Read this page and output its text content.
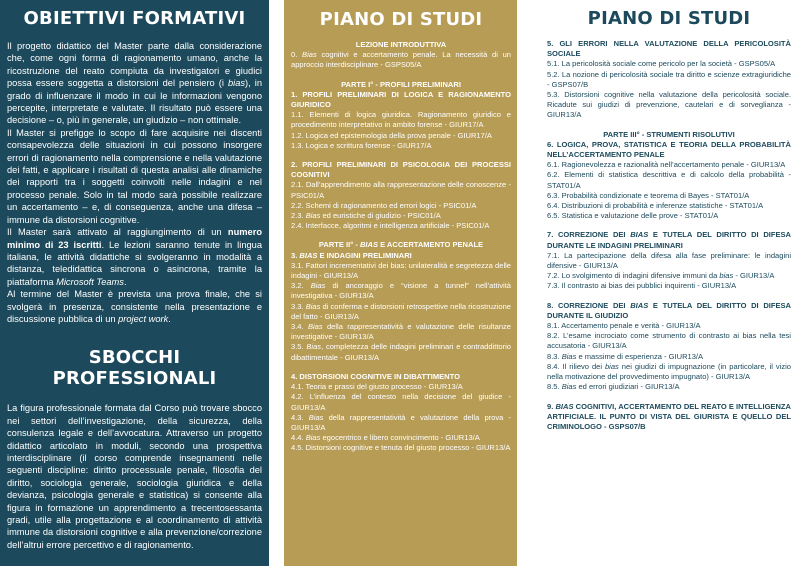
OBIETTIVI FORMATIVI

Il progetto didattico del Master parte dalla considerazione che, come ogni forma di ragionamento umano, anche la ricostruzione del reato compiuta da investigatori e giudici possa essere soggetta a distorsioni del pensiero (i bias), in grado di influenzare il modo in cui le informazioni vengono percepite, interpretate e valutate. Il risultato può essere una decisione – o, più in generale, un giudizio – non ottimale.

Il Master si prefigge lo scopo di fare acquisire nei discenti consapevolezza delle situazioni in cui possono insorgere errori di ragionamento nella comprensione e nella valutazione dei fatti, e applicare i risultati di questa analisi alle dinamiche dei rapporti tra i soggetti coinvolti nelle indagini e nel processo penale. Solo in tal modo sarà possibile realizzare un accertamento – e, di conseguenza, anche una difesa – immune da distorsioni cognitive.

Il Master sarà attivato al raggiungimento di un numero minimo di 23 iscritti. Le lezioni saranno tenute in lingua italiana, le attività didattiche si svolgeranno in modalità a distanza, teledidattica sincrona o asincrona, tramite la piattaforma Microsoft Teams.

Al termine del Master è prevista una prova finale, che si svolgerà in presenza, consistente nella presentazione e discussione pubblica di un project work.

SBOCCHI PROFESSIONALI

La figura professionale formata dal Corso può trovare sbocco nei settori dell’investigazione, della sicurezza, della consulenza legale e dell’avvocatura. Attraverso un progetto didattico articolato in moduli, secondo una prospettiva interdisciplinare (il corso comprende insegnamenti nelle seguenti discipline: diritto processuale penale, filosofia del diritto, sociologia generale, sociologia giuridica e della devianza, psicologia generale e statistica) si consente alla figura in formazione un apprendimento a trecentosessanta gradi, utile alla progettazione e al coordinamento di attività immune da distorsioni cognitive e alla prevenzione/correzione dell’altrui errore percettivo e di ragionamento.

PIANO DI STUDI

LEZIONE INTRODUTTIVA

0. Bias cognitivi e accertamento penale. La necessità di un approccio interdisciplinare - GSPS05/A

PARTE I° - PROFILI PRELIMINARI

1. PROFILI PRELIMINARI DI LOGICA E RAGIONAMENTO GIURIDICO

1.1. Elementi di logica giuridica. Ragionamento giuridico e procedimento interpretativo in ambito forense - GIUR17/A

1.2. Logica ed epistemologia della prova penale - GIUR17/A

1.3. Logica e scrittura forense - GIUR17/A

2. PROFILI PRELIMINARI DI PSICOLOGIA DEI PROCESSI COGNITIVI

2.1. Dall’apprendimento alla rappresentazione delle conoscenze - PSIC01/A

2.2. Schemi di ragionamento ed errori logici - PSIC01/A

2.3. Bias ed euristiche di giudizio - PSIC01/A

2.4. Interfacce, algoritmi e intelligenza artificiale - PSIC01/A

PARTE II° - BIAS E ACCERTAMENTO PENALE

3. BIAS E INDAGINI PRELIMINARI

3.1. Fattori incrementativi dei bias: unilateralità e segretezza delle indagini - GIUR13/A

3.2. Bias di ancoraggio e “visione a tunnel” nell’attività investigativa - GIUR13/A

3.3. Bias di conferma e distorsioni retrospettive nella ricostruzione del fatto - GIUR13/A

3.4. Bias della rappresentatività e valutazione delle risultanze investigative - GIUR13/A

3.5. Bias, completezza delle indagini preliminari e contraddittorio dibattimentale - GIUR13/A

4. DISTORSIONI COGNITIVE IN DIBATTIMENTO

4.1. Teoria e prassi del giusto processo - GIUR13/A

4.2. L’influenza del contesto nella decisione del giudice - GIUR13/A

4.3. Bias della rappresentatività e valutazione della prova - GIUR13/A

4.4. Bias egocentrico e libero convincimento - GIUR13/A

4.5. Distorsioni cognitive e tenuta del giusto processo - GIUR13/A

PIANO DI STUDI

5. GLI ERRORI NELLA VALUTAZIONE DELLA PERICOLOSITÀ SOCIALE

5.1. La pericolosità sociale come pericolo per la società - GSPS05/A

5.2. La nozione di pericolosità sociale tra diritto e scienze extragiuridiche - GSPS07/B

5.3. Distorsioni cognitive nella valutazione della pericolosità sociale. Ricadute sui giudizi di prevenzione, cautelari e di sorveglianza - GIUR13/A

PARTE III° - STRUMENTI RISOLUTIVI

6. LOGICA, PROVA, STATISTICA E TEORIA DELLA PROBABILITÀ NELL’ACCERTAMENTO PENALE

6.1. Ragionevolezza e razionalità nell’accertamento penale - GIUR13/A

6.2. Elementi di statistica descrittiva e di calcolo della probabilità - STAT01/A

6.3. Probabilità condizionate e teorema di Bayes - STAT01/A

6.4. Distribuzioni di probabilità e inferenze statistiche - STAT01/A

6.5. Statistica e valutazione delle prove - STAT01/A

7. CORREZIONE DEI BIAS E TUTELA DEL DIRITTO DI DIFESA DURANTE LE INDAGINI PRELIMINARI

7.1. La partecipazione della difesa alla fase preliminare: le indagini difensive - GIUR13/A

7.2. Lo svolgimento di indagini difensive immuni da bias - GIUR13/A

7.3. Il contrasto ai bias dei pubblici inquirenti - GIUR13/A

8. CORREZIONE DEI BIAS E TUTELA DEL DIRITTO DI DIFESA DURANTE IL GIUDIZIO

8.1. Accertamento penale e verità - GIUR13/A

8.2. L’esame incrociato come strumento di contrasto ai bias nella tesi accusatoria - GIUR13/A

8.3. Bias e massime di esperienza - GIUR13/A

8.4. Il rilievo dei bias nei giudizi di impugnazione (in particolare, il vizio nella motivazione del provvedimento impugnato) - GIUR13/A

8.5. Bias ed errori giudiziari - GIUR13/A

9. BIAS COGNITIVI, ACCERTAMENTO DEL REATO E INTELLIGENZA ARTIFICIALE. IL PUNTO DI VISTA DEL GIURISTA E QUELLO DEL CRIMINOLOGO - GSPS07/B
